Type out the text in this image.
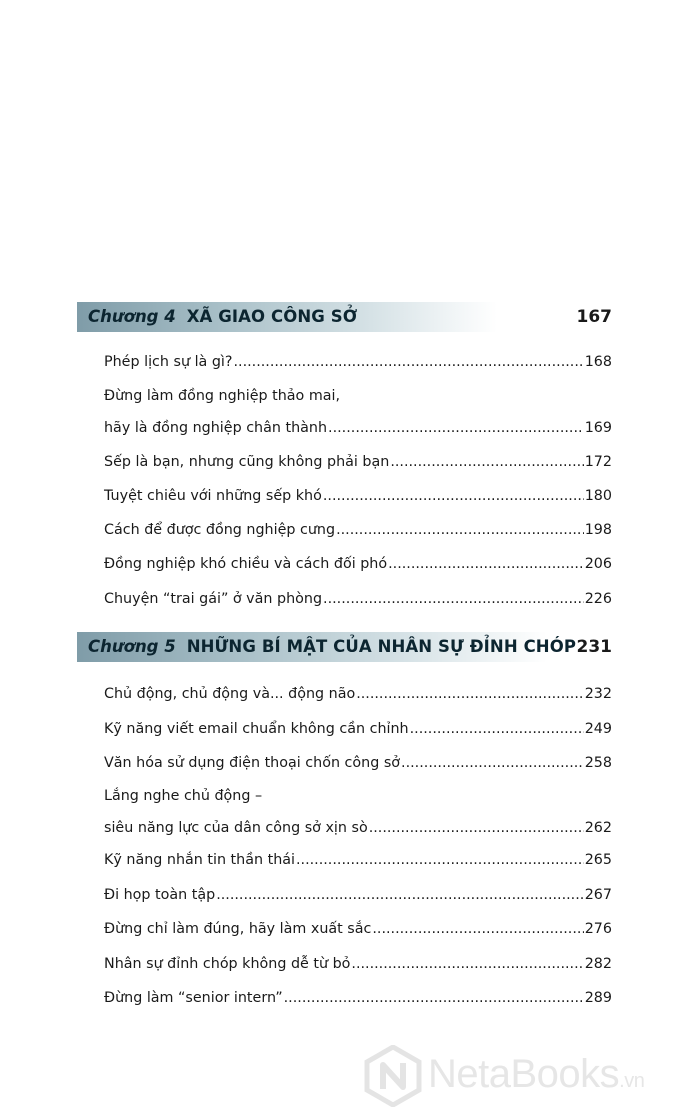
Chương 4 XÃ GIAO CÔNG SỞ	167
Phép lịch sự là gì? .....	168
Đừng làm đồng nghiệp thảo mai,
hãy là đồng nghiệp chân thành .....	169
Sếp là bạn, nhưng cũng không phải bạn .....	172
Tuyệt chiêu với những sếp khó .....	180
Cách để được đồng nghiệp cưng .....	198
Đồng nghiệp khó chiều và cách đối phó .....	206
Chuyện “trai gái” ở văn phòng .....	226
Chương 5 NHỮNG BÍ MẬT CỦA NHÂN SỰ ĐỈNH CHÓP 231
Chủ động, chủ động và... động não .....	232
Kỹ năng viết email chuẩn không cần chỉnh .....	249
Văn hóa sử dụng điện thoại chốn công sở .....	258
Lắng nghe chủ động –
siêu năng lực của dân công sở xịn sò .....	262
Kỹ năng nhắn tin thần thái .....	265
Đi họp toàn tập .....	267
Đừng chỉ làm đúng, hãy làm xuất sắc .....	276
Nhân sự đỉnh chóp không dễ từ bỏ .....	282
Đừng làm “senior intern” .....	289
NetaBooks.vn
